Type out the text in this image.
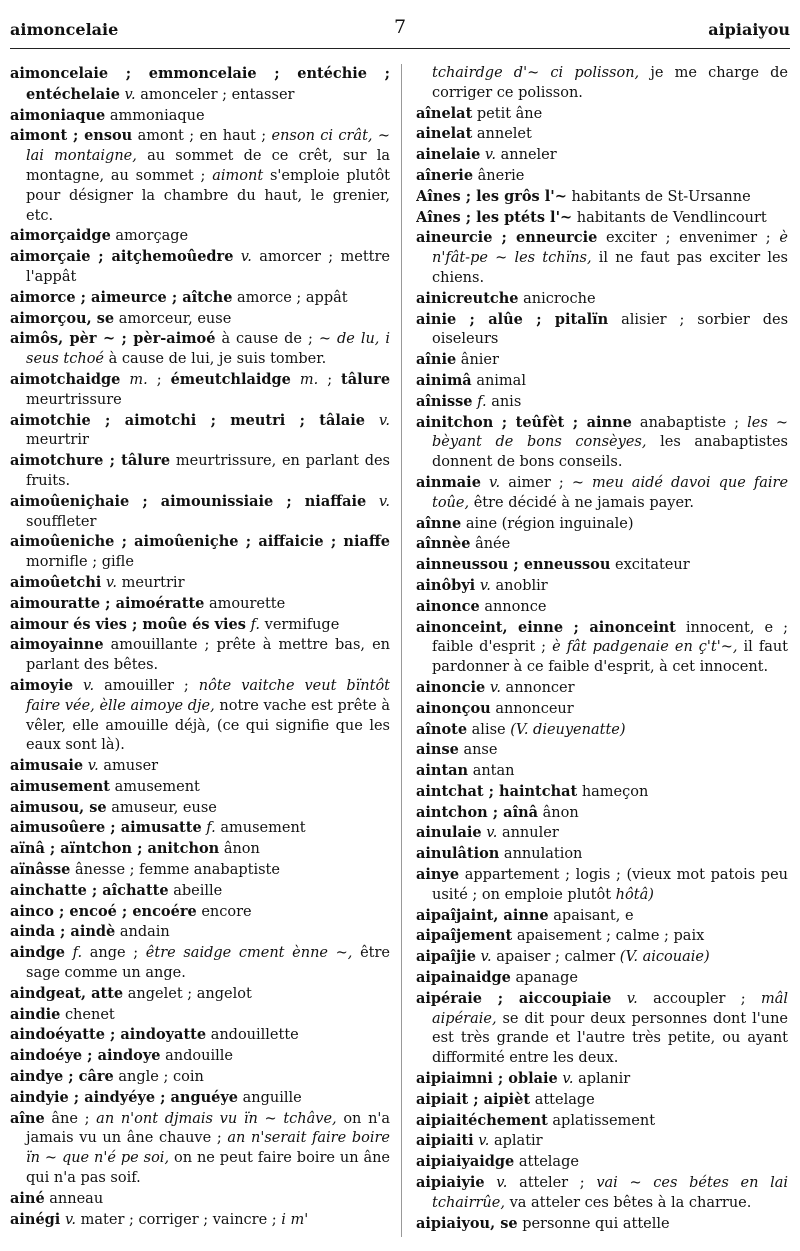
aimoncelaie	7	aipiaiyou

aimoncelaie ; emmoncelaie ; entéchie ; entéchelaie v. amonceler ; entasser

aimoniaque ammoniaque

aimont ; ensou amont ; en haut ; enson ci crât, ~ lai montaigne, au sommet de ce crêt, sur la montagne, au sommet ; aimont s'emploie plutôt pour désigner la chambre du haut, le grenier, etc.

aimorçaidge amorçage

aimorçaie ; aitçhemoûedre v. amorcer ; mettre l'appât

aimorce ; aimeurce ; aîtche amorce ; appât

aimorçou, se amorceur, euse

aimôs, pèr ~ ; pèr-aimoé à cause de ; ~ de lu, i seus tchoé à cause de lui, je suis tomber.

aimotchaidge m. ; émeutchlaidge m. ; tâlure meurtrissure

aimotchie ; aimotchi ; meutri ; tâlaie v. meurtrir

aimotchure ; tâlure meurtrissure, en parlant des fruits.

aimoûeniçhaie ; aimounissiaie ; niaffaie v. souffleter

aimoûeniche ; aimoûeniçhe ; aiffaicie ; niaffe mornifle ; gifle

aimoûetchi v. meurtrir

aimouratte ; aimoératte amourette

aimour és vies ; moûe és vies f. vermifuge

aimoyainne amouillante ; prête à mettre bas, en parlant des bêtes.

aimoyie v. amouiller ; nôte vaitche veut bïntôt faire vée, èlle aimoye dje, notre vache est prête à vêler, elle amouille déjà, (ce qui signifie que les eaux sont là).

aimusaie v. amuser

aimusement amusement

aimusou, se amuseur, euse

aimusoûere ; aimusatte f. amusement

aïnâ ; aïntchon ; anitchon ânon

aïnâsse ânesse ; femme anabaptiste

ainchatte ; aîchatte abeille

ainco ; encoé ; encoére encore

ainda ; aindè andain

aindge f. ange ; être saidge cment ènne ~, être sage comme un ange.

aindgeat, atte angelet ; angelot

aindie chenet

aindoéyatte ; aindoyatte andouillette

aindoéye ; aindoye andouille

aindye ; câre angle ; coin

aindyie ; aindyéye ; anguéye anguille

aîne âne ; an n'ont djmais vu ïn ~ tchâve, on n'a jamais vu un âne chauve ; an n'serait faire boire ïn ~ que n'é pe soi, on ne peut faire boire un âne qui n'a pas soif.

ainé anneau

ainégi v. mater ; corriger ; vaincre ; i m'

tchairdge d'~ ci polisson, je me charge de corriger ce polisson.

aînelat petit âne

ainelat annelet

ainelaie v. anneler

aînerie ânerie

Aînes ; les grôs l'~ habitants de St-Ursanne

Aînes ; les ptéts l'~ habitants de Vendlincourt

aineurcie ; enneurcie exciter ; envenimer ; è n'fât-pe ~ les tchïns, il ne faut pas exciter les chiens.

ainicreutche anicroche

ainie ; alûe ; pitalïn alisier ; sorbier des oiseleurs

aînie ânier

ainimâ animal

aînisse f. anis

ainitchon ; teûfèt ; ainne anabaptiste ; les ~ bèyant de bons consèyes, les anabaptistes donnent de bons conseils.

ainmaie v. aimer ; ~ meu aidé davoi que faire toûe, être décidé à ne jamais payer.

aînne aine (région inguinale)

aînnèe ânée

ainneussou ; enneussou excitateur

ainôbyi v. anoblir

ainonce annonce

ainonceint, einne ; ainonceint innocent, e ; faible d'esprit ; è fât padgenaie en ç't'~, il faut pardonner à ce faible d'esprit, à cet innocent.

ainoncie v. annoncer

ainonçou annonceur

aînote alise (V. dieuyenatte)

ainse anse

aintan antan

aintchat ; haintchat hameçon

aintchon ; aînâ ânon

ainulaie v. annuler

ainulâtion annulation

ainye appartement ; logis ; (vieux mot patois peu usité ; on emploie plutôt hôtâ)

aipaîjaint, ainne apaisant, e

aipaîjement apaisement ; calme ; paix

aipaîjie v. apaiser ; calmer (V. aicouaie)

aipainaidge apanage

aipéraie ; aiccoupiaie v. accoupler ; mâl aipéraie, se dit pour deux personnes dont l'une est très grande et l'autre très petite, ou ayant difformité entre les deux.

aipiaimni ; oblaie v. aplanir

aipiait ; aipièt attelage

aipiaitéchement aplatissement

aipiaiti v. aplatir

aipiaiyaidge attelage

aipiaiyie v. atteler ; vai ~ ces bétes en lai tchairrûe, va atteler ces bêtes à la charrue.

aipiaiyou, se personne qui attelle
